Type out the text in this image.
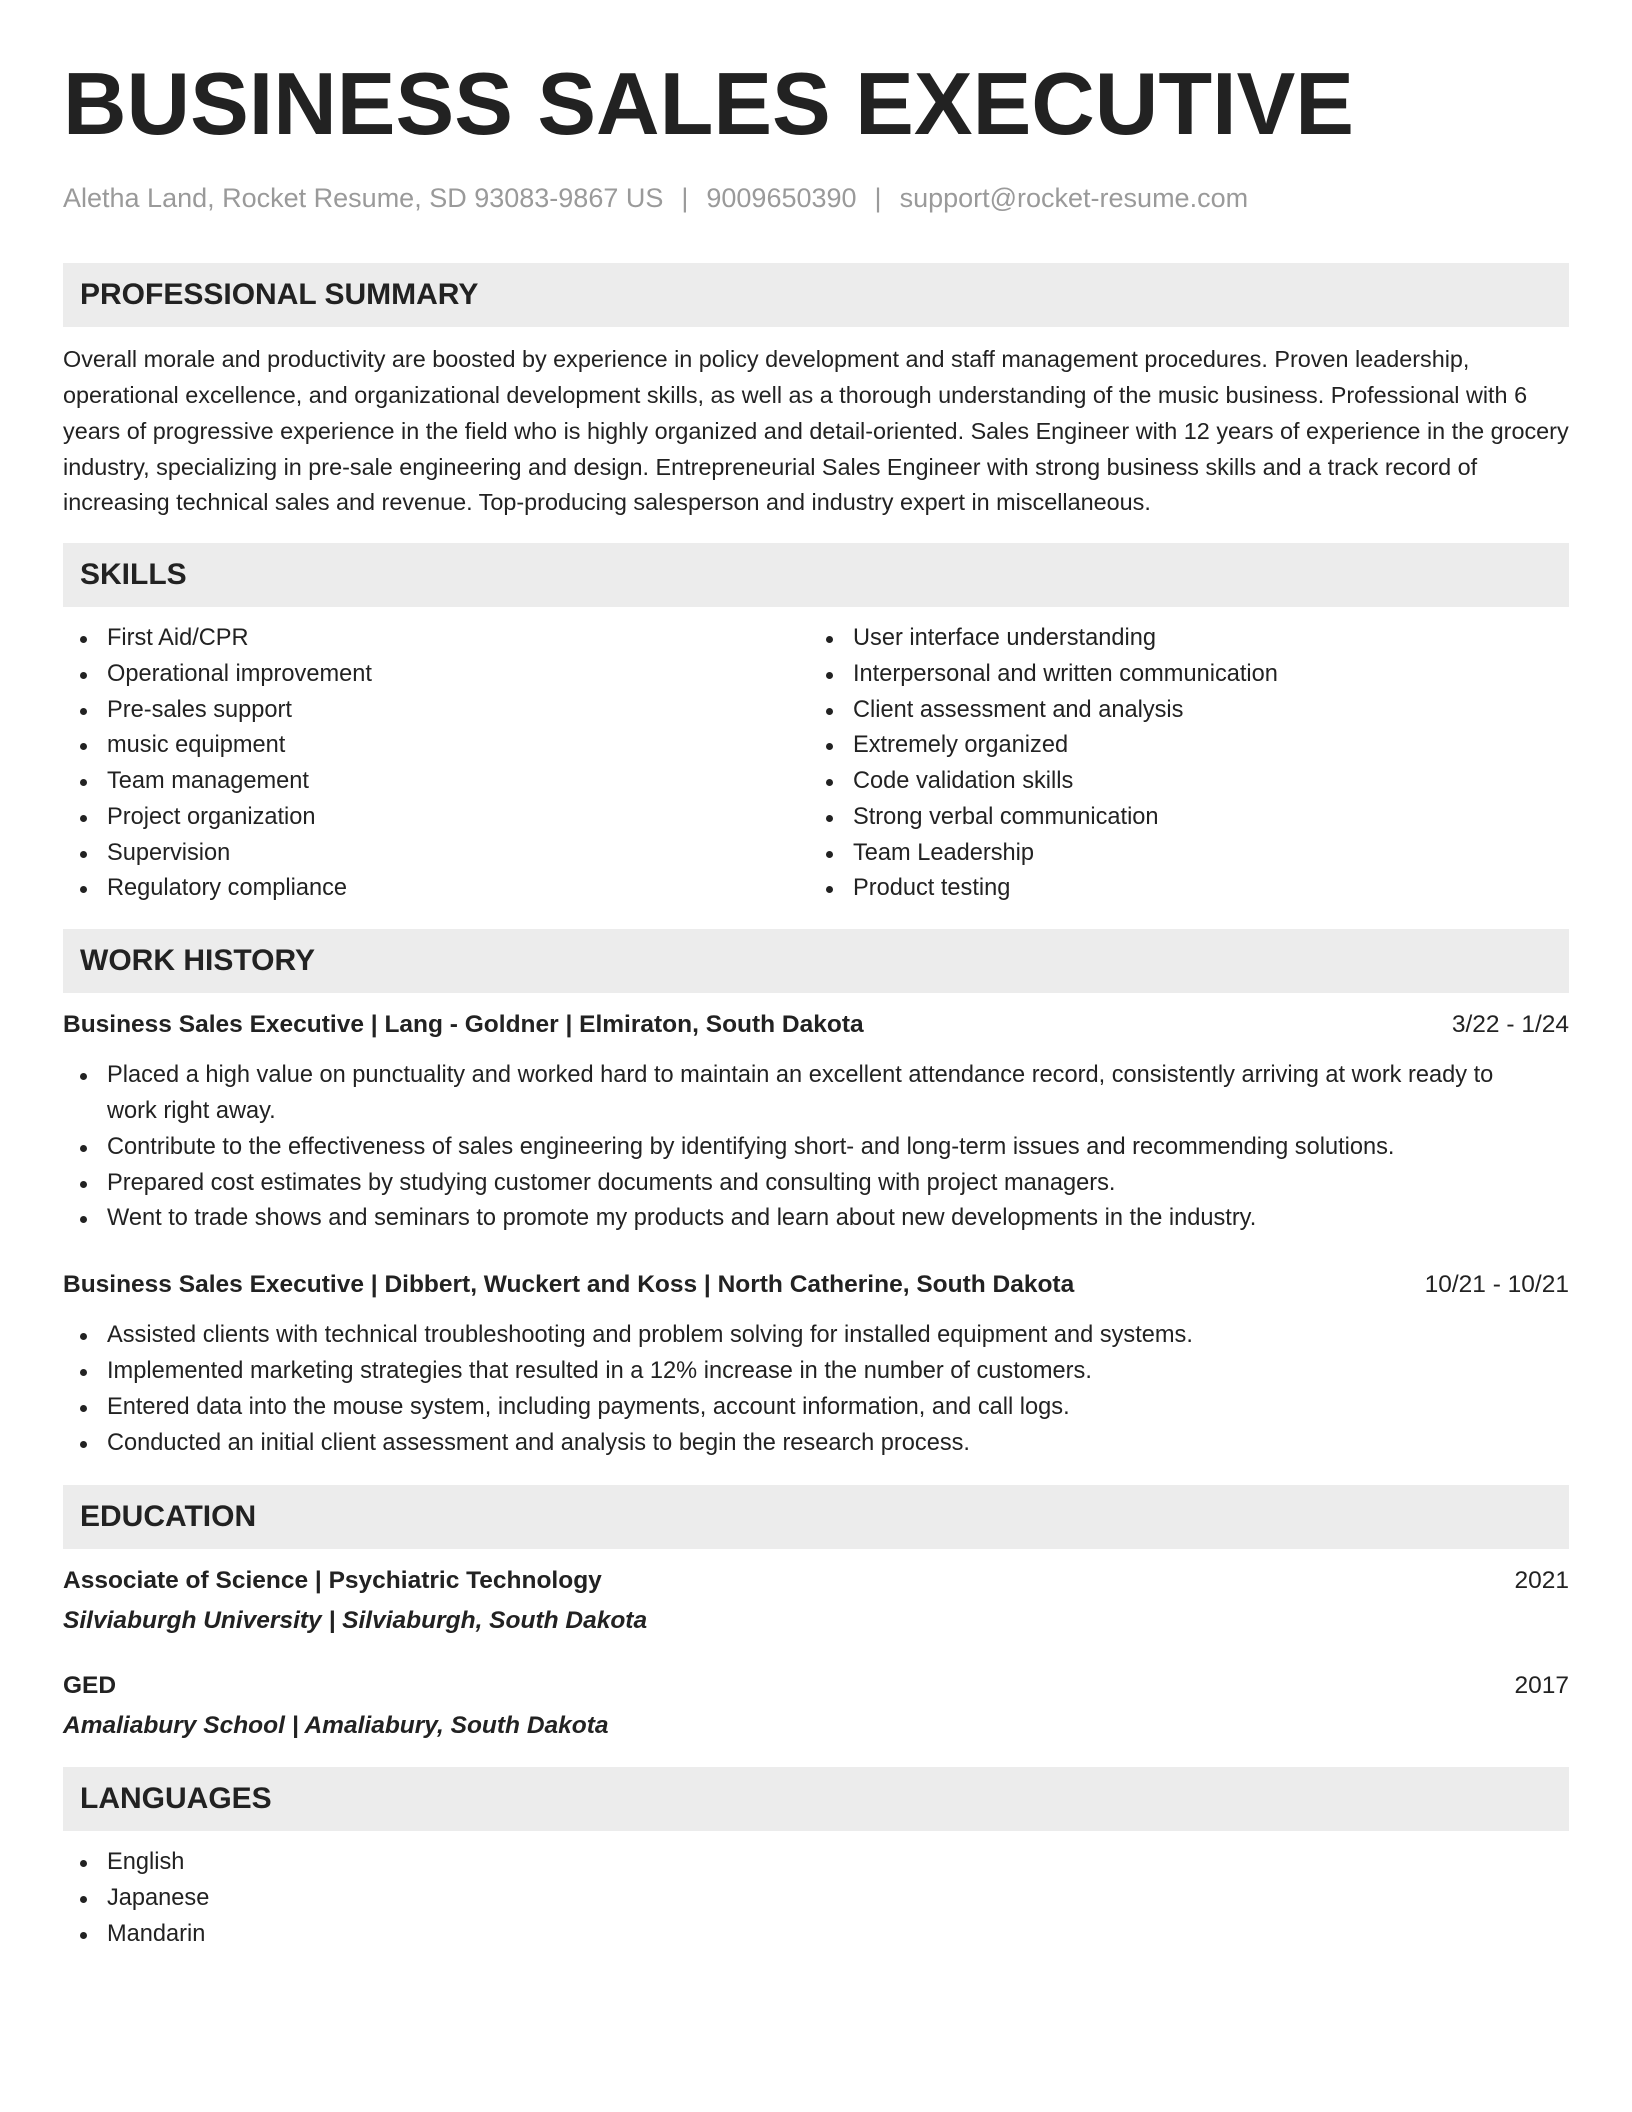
BUSINESS SALES EXECUTIVE
Aletha Land, Rocket Resume, SD 93083-9867 US | 9009650390 | support@rocket-resume.com
PROFESSIONAL SUMMARY

Overall morale and productivity are boosted by experience in policy development and staff management procedures. Proven leadership, operational excellence, and organizational development skills, as well as a thorough understanding of the music business. Professional with 6 years of progressive experience in the field who is highly organized and detail-oriented. Sales Engineer with 12 years of experience in the grocery industry, specializing in pre-sale engineering and design. Entrepreneurial Sales Engineer with strong business skills and a track record of increasing technical sales and revenue. Top-producing salesperson and industry expert in miscellaneous.

SKILLS
First Aid/CPR
Operational improvement
Pre-sales support
music equipment
Team management
Project organization
Supervision
Regulatory compliance
User interface understanding
Interpersonal and written communication
Client assessment and analysis
Extremely organized
Code validation skills
Strong verbal communication
Team Leadership
Product testing
WORK HISTORY
Business Sales Executive | Lang - Goldner | Elmiraton, South Dakota	3/22 - 1/24
Placed a high value on punctuality and worked hard to maintain an excellent attendance record, consistently arriving at work ready to work right away.
Contribute to the effectiveness of sales engineering by identifying short- and long-term issues and recommending solutions.
Prepared cost estimates by studying customer documents and consulting with project managers.
Went to trade shows and seminars to promote my products and learn about new developments in the industry.
Business Sales Executive | Dibbert, Wuckert and Koss | North Catherine, South Dakota	10/21 - 10/21
Assisted clients with technical troubleshooting and problem solving for installed equipment and systems.
Implemented marketing strategies that resulted in a 12% increase in the number of customers.
Entered data into the mouse system, including payments, account information, and call logs.
Conducted an initial client assessment and analysis to begin the research process.
EDUCATION
Associate of Science | Psychiatric Technology	2021
Silviaburgh University | Silviaburgh, South Dakota
GED	2017
Amaliabury School | Amaliabury, South Dakota
LANGUAGES
English
Japanese
Mandarin
